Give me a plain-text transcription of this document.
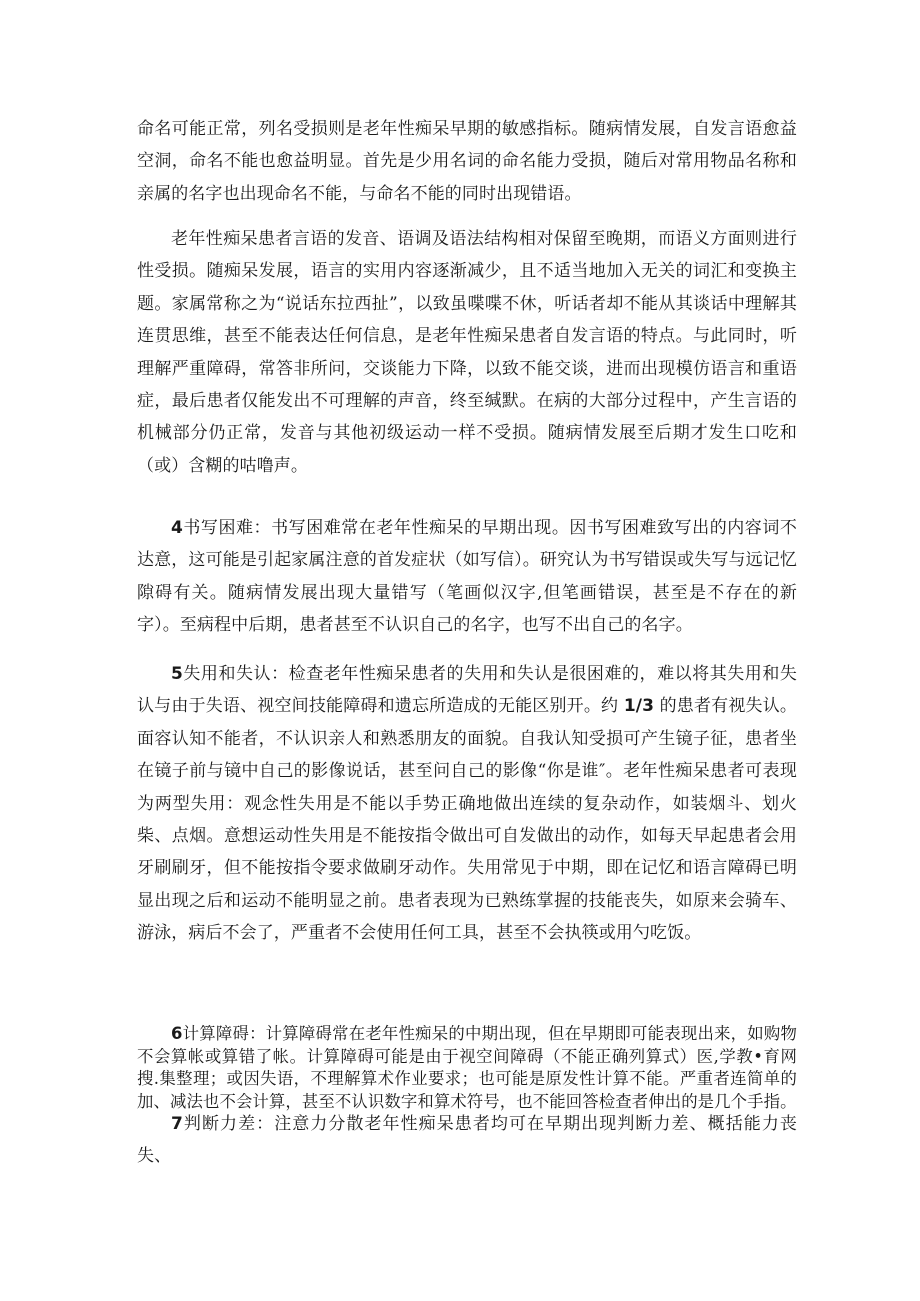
命名可能正常，列名受损则是老年性痴呆早期的敏感指标。随病情发展，自发言语愈益空洞，命名不能也愈益明显。首先是少用名词的命名能力受损，随后对常用物品名称和亲属的名字也出现命名不能，与命名不能的同时出现错语。

老年性痴呆患者言语的发音、语调及语法结构相对保留至晚期，而语义方面则进行性受损。随痴呆发展，语言的实用内容逐渐减少，且不适当地加入无关的词汇和变换主题。家属常称之为“说话东拉西扯”，以致虽喋喋不休，听话者却不能从其谈话中理解其连贯思维，甚至不能表达任何信息，是老年性痴呆患者自发言语的特点。与此同时，听理解严重障碍，常答非所问，交谈能力下降，以致不能交谈，进而出现模仿语言和重语症，最后患者仅能发出不可理解的声音，终至缄默。在病的大部分过程中，产生言语的机械部分仍正常，发音与其他初级运动一样不受损。随病情发展至后期才发生口吃和（或）含糊的咕噜声。

4书写困难：书写困难常在老年性痴呆的早期出现。因书写困难致写出的内容词不达意，这可能是引起家属注意的首发症状（如写信）。研究认为书写错误或失写与远记忆隙碍有关。随病情发展出现大量错写（笔画似汉字,但笔画错误，甚至是不存在的新字）。至病程中后期，患者甚至不认识自己的名字，也写不出自己的名字。

5失用和失认：检查老年性痴呆患者的失用和失认是很困难的，难以将其失用和失认与由于失语、视空间技能障碍和遗忘所造成的无能区别开。约 1/3 的患者有视失认。面容认知不能者，不认识亲人和熟悉朋友的面貌。自我认知受损可产生镜子征，患者坐在镜子前与镜中自己的影像说话，甚至问自己的影像“你是谁″。老年性痴呆患者可表现为两型失用：观念性失用是不能以手势正确地做出连续的复杂动作，如装烟斗、划火柴、点烟。意想运动性失用是不能按指令做出可自发做出的动作，如每天早起患者会用牙刷刷牙，但不能按指令要求做刷牙动作。失用常见于中期，即在记忆和语言障碍已明显出现之后和运动不能明显之前。患者表现为已熟练掌握的技能丧失，如原来会骑车、游泳，病后不会了，严重者不会使用任何工具，甚至不会执筷或用勺吃饭。

6计算障碍：计算障碍常在老年性痴呆的中期出现，但在早期即可能表现出来，如购物不会算帐或算错了帐。计算障碍可能是由于视空间障碍（不能正确列算式）医,学教•育网搜.集整理；或因失语，不理解算术作业要求；也可能是原发性计算不能。严重者连简单的加、减法也不会计算，甚至不认识数字和算术符号，也不能回答检查者伸出的是几个手指。

7判断力差：注意力分散老年性痴呆患者均可在早期出现判断力差、概括能力丧失、
